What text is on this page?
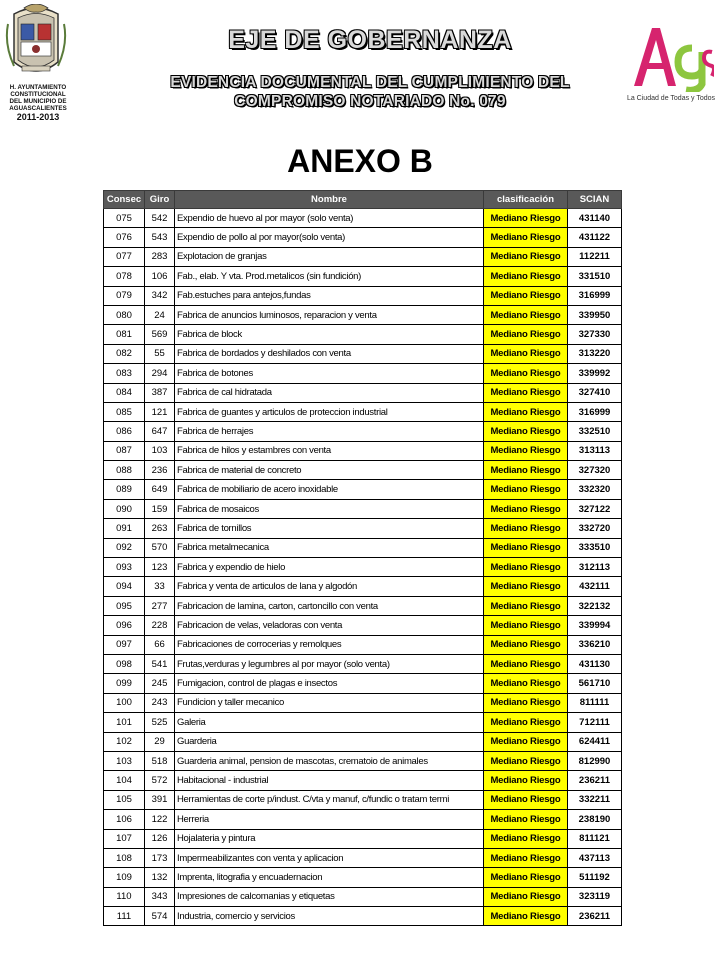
H. AYUNTAMIENTO
CONSTITUCIONAL
DEL MUNICIPIO DE
AGUASCALIENTES
2011-2013
EJE DE GOBERNANZA
EVIDENCIA DOCUMENTAL DEL CUMPLIMIENTO DEL
COMPROMISO NOTARIADO No. 079	La Ciudad de Todas y Todos
ANEXO B
Consec	Giro	Nombre	clasificación	SCIAN
075	542	Expendio de huevo al por mayor (solo venta)	Mediano Riesgo	431140
076	543	Expendio de pollo al por mayor(solo venta)	Mediano Riesgo	431122
077	283	Explotacion de granjas	Mediano Riesgo	112211
078	106	Fab., elab. Y vta. Prod.metalicos (sin fundición)	Mediano Riesgo	331510
079	342	Fab.estuches para antejos,fundas	Mediano Riesgo	316999
080	24	Fabrica de anuncios luminosos, reparacion y venta	Mediano Riesgo	339950
081	569	Fabrica de block	Mediano Riesgo	327330
082	55	Fabrica de bordados y deshilados con venta	Mediano Riesgo	313220
083	294	Fabrica de botones	Mediano Riesgo	339992
084	387	Fabrica de cal hidratada	Mediano Riesgo	327410
085	121	Fabrica de guantes y articulos de proteccion industrial	Mediano Riesgo	316999
086	647	Fabrica de herrajes	Mediano Riesgo	332510
087	103	Fabrica de hilos y estambres con venta	Mediano Riesgo	313113
088	236	Fabrica de material de concreto	Mediano Riesgo	327320
089	649	Fabrica de mobiliario de acero inoxidable	Mediano Riesgo	332320
090	159	Fabrica de mosaicos	Mediano Riesgo	327122
091	263	Fabrica de tornillos	Mediano Riesgo	332720
092	570	Fabrica metalmecanica	Mediano Riesgo	333510
093	123	Fabrica y expendio de hielo	Mediano Riesgo	312113
094	33	Fabrica y venta de articulos de lana y algodón	Mediano Riesgo	432111
095	277	Fabricacion de lamina, carton, cartoncillo con venta	Mediano Riesgo	322132
096	228	Fabricacion de velas, veladoras con venta	Mediano Riesgo	339994
097	66	Fabricaciones de corrocerias y remolques	Mediano Riesgo	336210
098	541	Frutas,verduras y legumbres al por mayor (solo venta)	Mediano Riesgo	431130
099	245	Fumigacion, control de plagas e insectos	Mediano Riesgo	561710
100	243	Fundicion y taller mecanico	Mediano Riesgo	811111
101	525	Galeria	Mediano Riesgo	712111
102	29	Guarderia	Mediano Riesgo	624411
103	518	Guarderia animal, pension de mascotas, crematoio de animales	Mediano Riesgo	812990
104	572	Habitacional - industrial	Mediano Riesgo	236211
105	391	Herramientas de corte p/indust. C/vta y manuf, c/fundic o tratam termi	Mediano Riesgo	332211
106	122	Herreria	Mediano Riesgo	238190
107	126	Hojalateria y pintura	Mediano Riesgo	811121
108	173	Impermeabilizantes con venta y aplicacion	Mediano Riesgo	437113
109	132	Imprenta, litografia y encuadernacion	Mediano Riesgo	511192
110	343	Impresiones de calcomanias y etiquetas	Mediano Riesgo	323119
111	574	Industria, comercio y servicios	Mediano Riesgo	236211
